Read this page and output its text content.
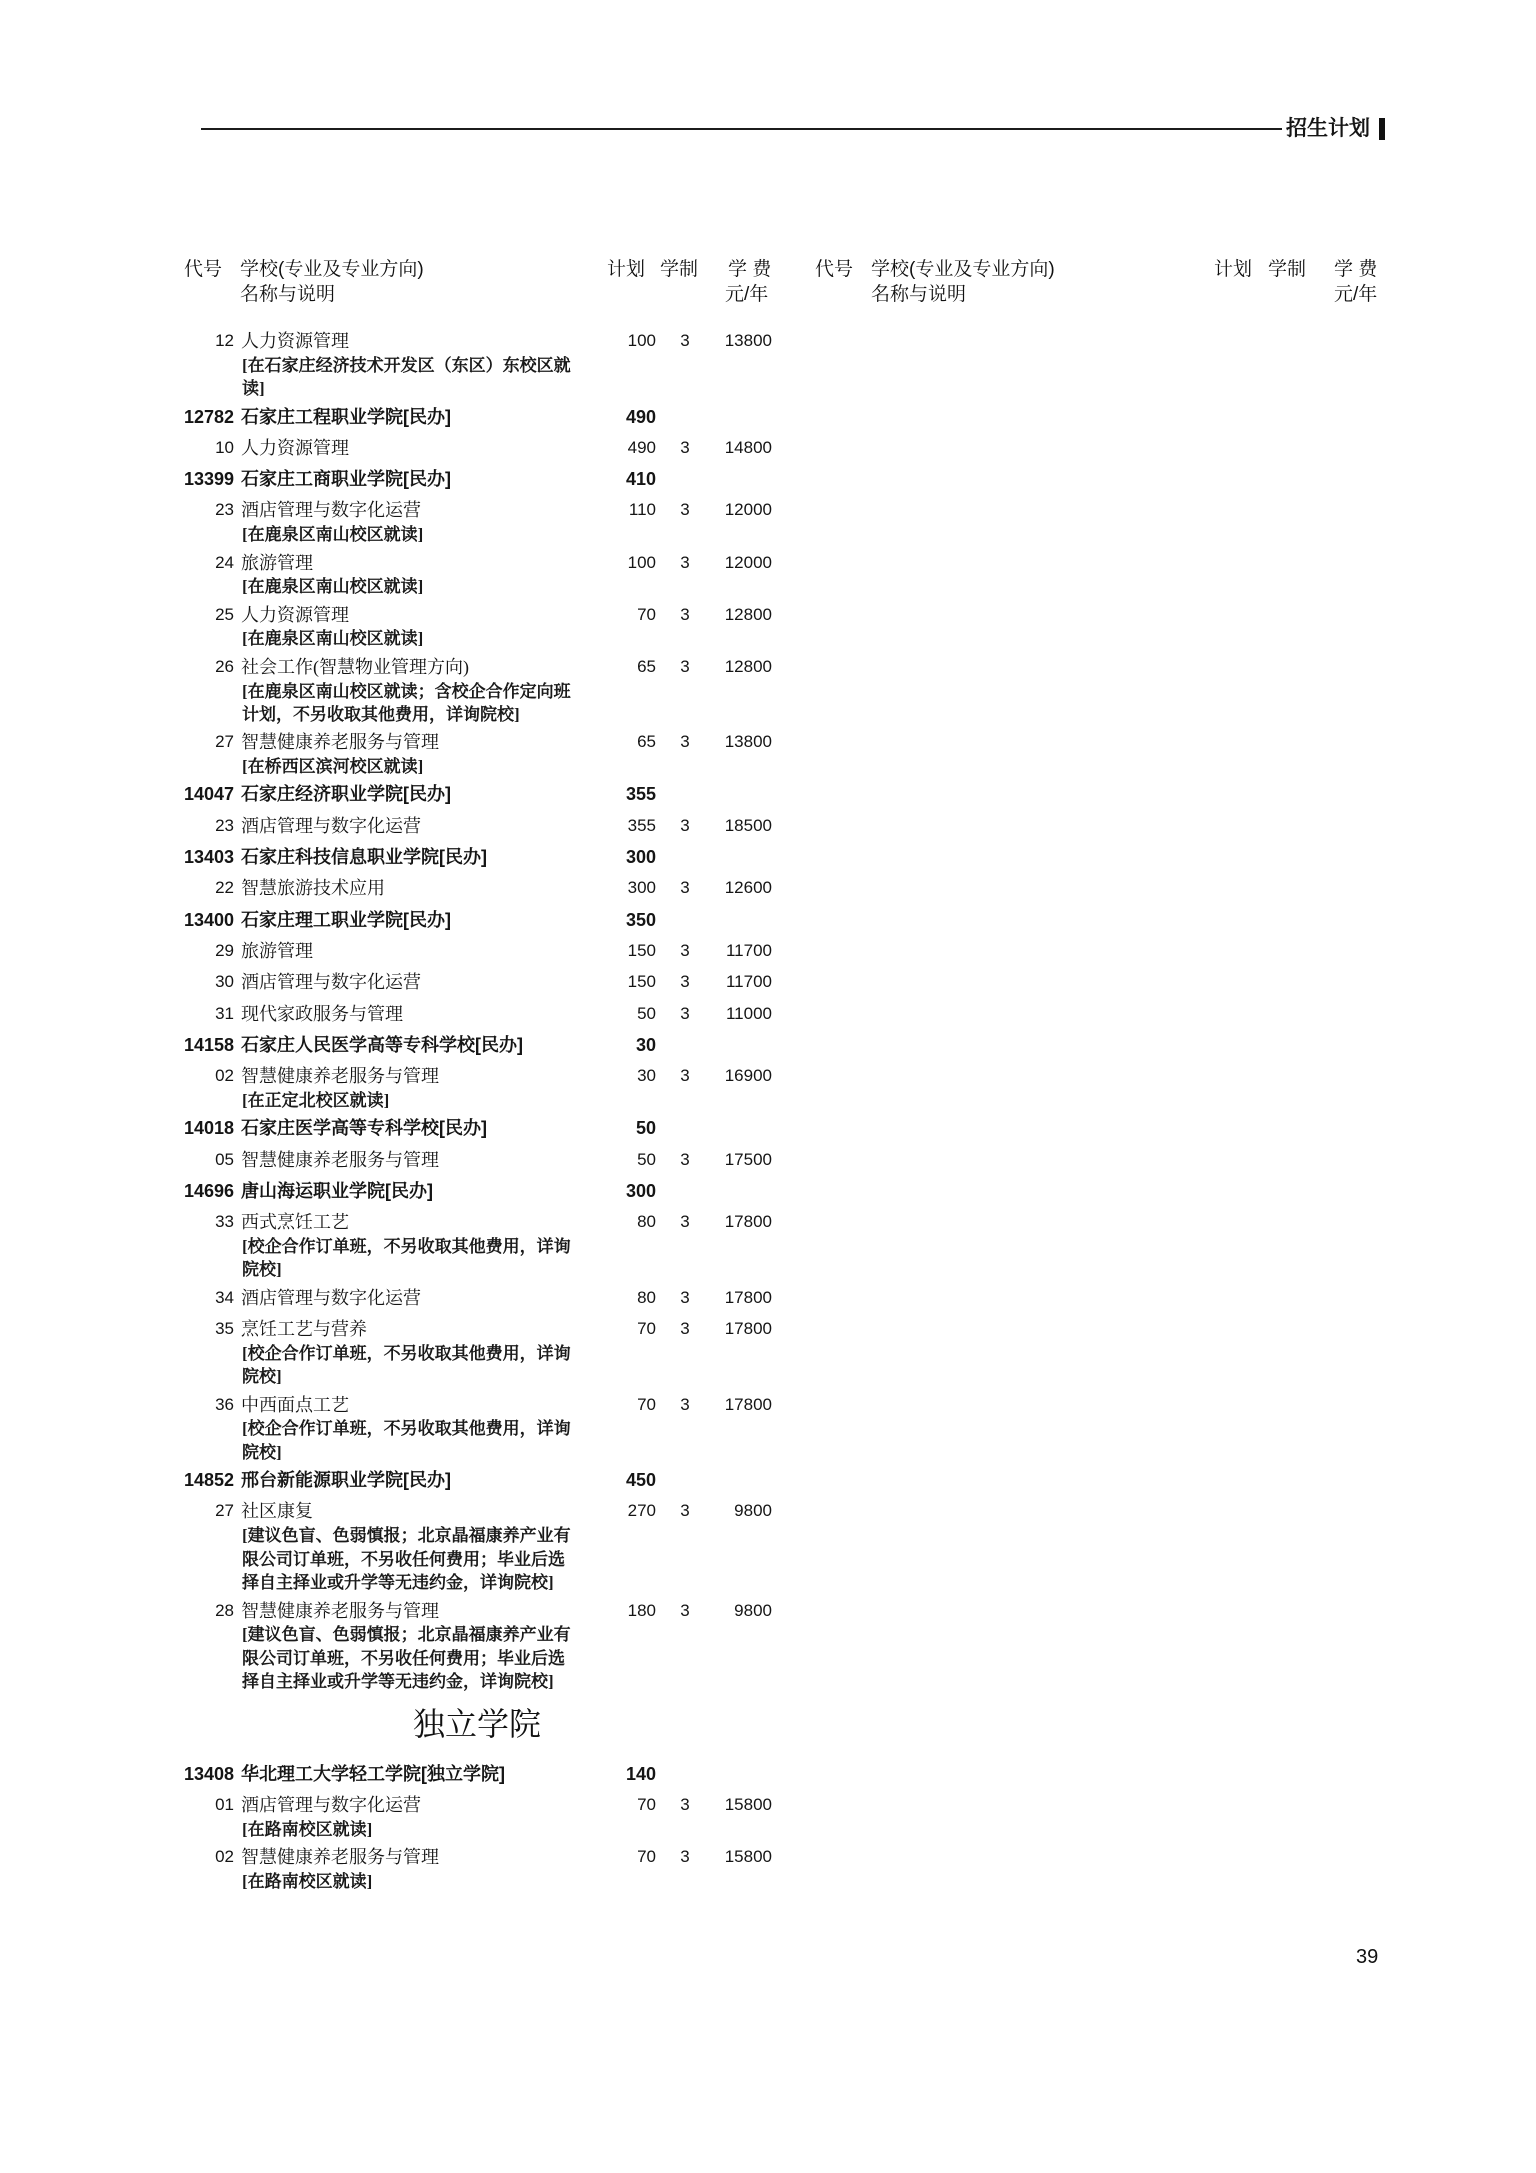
招生计划
代号 学校(专业及专业方向)
名称与说明
计划 学制 学 费
元/年
代号 学校(专业及专业方向)
名称与说明
计划 学制 学 费
元/年
12 人力资源管理	100	3	13800
[在石家庄经济技术开发区（东区）东校区就
读]
12782 石家庄工程职业学院[民办]	490
10 人力资源管理	490	3	14800
13399 石家庄工商职业学院[民办]	410
23 酒店管理与数字化运营	110	3	12000
[在鹿泉区南山校区就读]
24 旅游管理	100	3	12000
[在鹿泉区南山校区就读]
25 人力资源管理	70	3	12800
[在鹿泉区南山校区就读]
26 社会工作(智慧物业管理方向)	65	3	12800
[在鹿泉区南山校区就读；含校企合作定向班
计划，不另收取其他费用，详询院校]
27 智慧健康养老服务与管理	65	3	13800
[在桥西区滨河校区就读]
14047 石家庄经济职业学院[民办]	355
23 酒店管理与数字化运营	355	3	18500
13403 石家庄科技信息职业学院[民办]	300
22 智慧旅游技术应用	300	3	12600
13400 石家庄理工职业学院[民办]	350
29 旅游管理	150	3	11700
30 酒店管理与数字化运营	150	3	11700
31 现代家政服务与管理	50	3	11000
14158 石家庄人民医学高等专科学校[民办]	30
02 智慧健康养老服务与管理	30	3	16900
[在正定北校区就读]
14018 石家庄医学高等专科学校[民办]	50
05 智慧健康养老服务与管理	50	3	17500
14696 唐山海运职业学院[民办]	300
33 西式烹饪工艺	80	3	17800
[校企合作订单班，不另收取其他费用，详询
院校]
34 酒店管理与数字化运营	80	3	17800
35 烹饪工艺与营养	70	3	17800
[校企合作订单班，不另收取其他费用，详询
院校]
36 中西面点工艺	70	3	17800
[校企合作订单班，不另收取其他费用，详询
院校]
14852 邢台新能源职业学院[民办]	450
27 社区康复	270	3	9800
[建议色盲、色弱慎报；北京晶福康养产业有
限公司订单班，不另收任何费用；毕业后选
择自主择业或升学等无违约金，详询院校]
28 智慧健康养老服务与管理	180	3	9800
[建议色盲、色弱慎报；北京晶福康养产业有
限公司订单班，不另收任何费用；毕业后选
择自主择业或升学等无违约金，详询院校]
独立学院
13408 华北理工大学轻工学院[独立学院]	140
01 酒店管理与数字化运营	70	3	15800
[在路南校区就读]
02 智慧健康养老服务与管理	70	3	15800
[在路南校区就读]
39
